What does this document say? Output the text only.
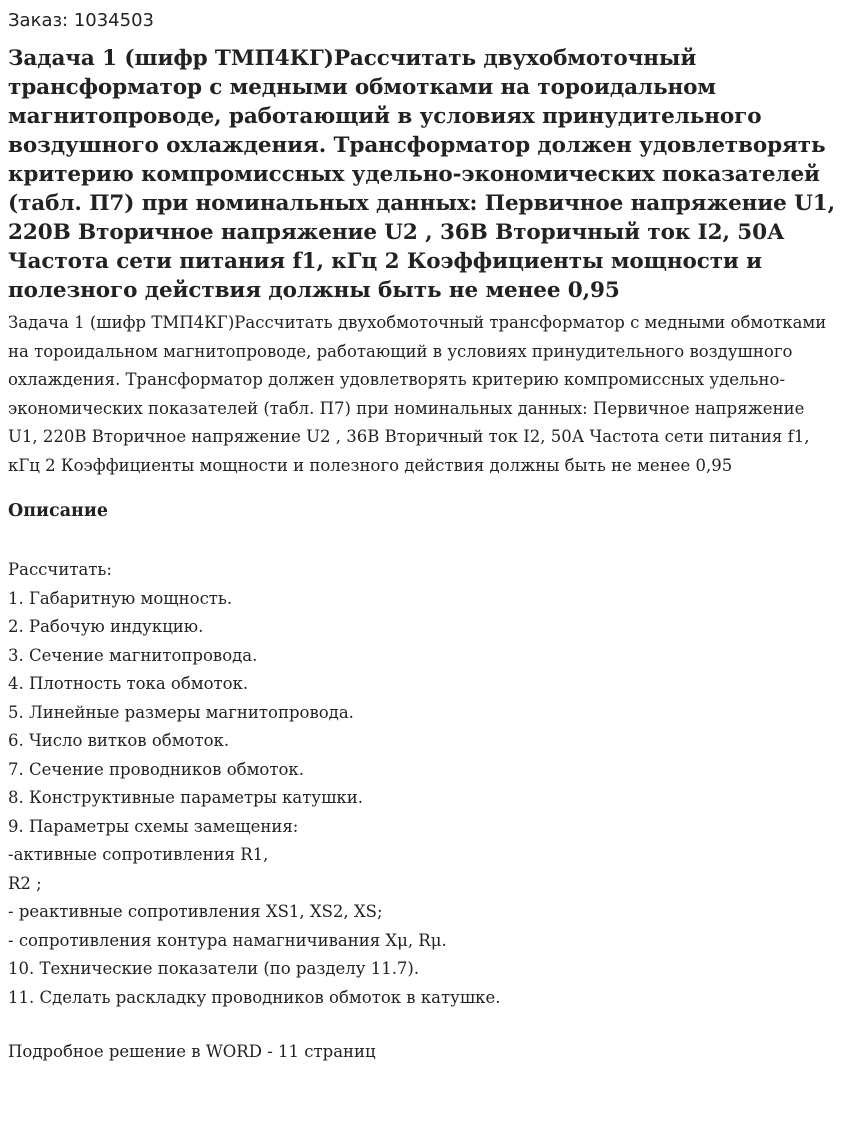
Заказ: 1034503
Задача 1 (шифр ТМП4КГ)Рассчитать двухобмоточный трансформатор с медными обмотками на тороидальном магнитопроводе, работающий в условиях принудительного воздушного охлаждения. Трансформатор должен удовлетворять критерию компромиссных удельно-экономических показателей (табл. П7) при номинальных данных: Первичное напряжение U1, 220В Вторичное напряжение U2 , 36В Вторичный ток I2, 50А Частота сети питания f1, кГц 2 Коэффициенты мощности и полезного действия должны быть не менее 0,95

Задача 1 (шифр ТМП4КГ)Рассчитать двухобмоточный трансформатор с медными обмотками на тороидальном магнитопроводе, работающий в условиях принудительного воздушного охлаждения. Трансформатор должен удовлетворять критерию компромиссных удельно-экономических показателей (табл. П7) при номинальных данных: Первичное напряжение U1, 220В Вторичное напряжение U2 , 36В Вторичный ток I2, 50А Частота сети питания f1, кГц 2 Коэффициенты мощности и полезного действия должны быть не менее 0,95

Описание
Рассчитать:
1. Габаритную мощность.
2. Рабочую индукцию.
3. Сечение магнитопровода.
4. Плотность тока обмоток.
5. Линейные размеры магнитопровода.
6. Число витков обмоток.
7. Сечение проводников обмоток.
8. Конструктивные параметры катушки.
9. Параметры схемы замещения:
-активные сопротивления R1,
R2 ;
- реактивные сопротивления XS1, XS2, XS;
- сопротивления контура намагничивания Xμ, Rμ.
10. Технические показатели (по разделу 11.7).
11. Сделать раскладку проводников обмоток в катушке.

Подробное решение в WORD - 11 страниц
